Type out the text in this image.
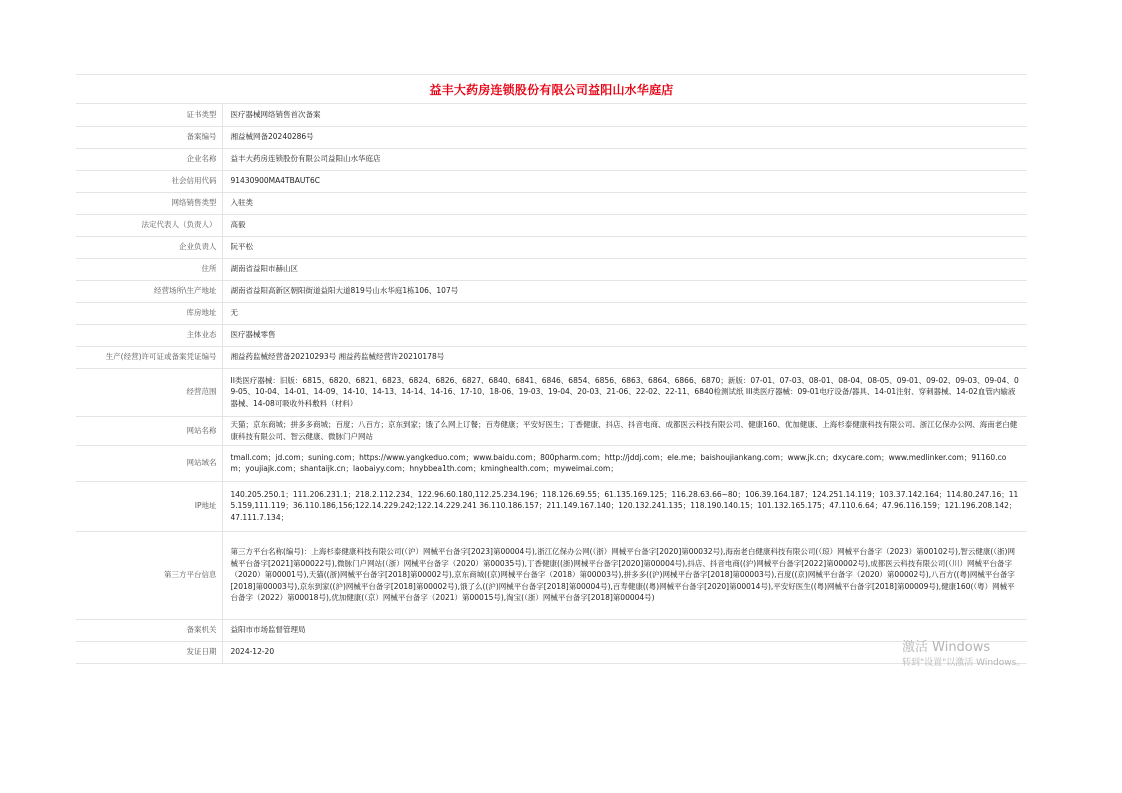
益丰大药房连锁股份有限公司益阳山水华庭店
证书类型	医疗器械网络销售首次备案
备案编号	湘益械网备20240286号
企业名称	益丰大药房连锁股份有限公司益阳山水华庭店
社会信用代码	91430900MA4TBAUT6C
网络销售类型	入驻类
法定代表人（负责人）	高毅
企业负责人	阮平松
住所	湖南省益阳市赫山区
经营场所\生产地址	湖南省益阳高新区朝阳街道益阳大道819号山水华庭1栋106、107号
库房地址	无
主体业态	医疗器械零售
生产(经营)许可证或备案凭证编号	湘益药监械经营备20210293号 湘益药监械经营许20210178号
经营范围	II类医疗器械：旧版：6815、6820、6821、6823、6824、6826、6827、6840、6841、6846、6854、6856、6863、6864、6866、6870；新版：07-01、07-03、08-01、08-04、08-05、09-01、09-02、09-03、09-04、09-05、10-04、14-01、14-09、14-10、14-13、14-14、14-16、17-10、18-06、19-03、19-04、20-03、21-06、22-02、22-11、6840检测试纸 III类医疗器械：09-01电疗设备/器具、14-01注射、穿刺器械、14-02血管内输液器械、14-08可吸收外科敷料（材料）
网站名称	天猫；京东商城；拼多多商城；百度；八百方；京东到家；饿了么网上订餐；百寿健康；平安好医生；丁香健康、抖店、抖音电商、成都医云科技有限公司、健康160、优加健康、上海杉泰健康科技有限公司、浙江亿保办公网、海南老白健康科技有限公司、智云健康、微脉门户网站
网站域名	tmall.com；jd.com；suning.com；https://www.yangkeduo.com；www.baidu.com；800pharm.com；http://jddj.com；ele.me；baishoujiankang.com；www.jk.cn；dxycare.com；www.medlinker.com；91160.com；youjiajk.com；shantaijk.cn；laobaiyy.com；hnybbea1th.com；kminghealth.com；myweimai.com；
IP地址	140.205.250.1；111.206.231.1；218.2.112.234、122.96.60.180,112.25.234.196；118.126.69.55；61.135.169.125；116.28.63.66~80；106.39.164.187；124.251.14.119；103.37.142.164；114.80.247.16；115.159,111.119；36.110.186,156;122.14.229.242;122.14.229.241 36.110.186.157；211.149.167.140；120.132.241.135；118.190.140.15；101.132.165.175；47.110.6.64；47.96.116.159；121.196.208.142；47.111.7.134；
第三方平台信息	第三方平台名称(编号)：上海杉泰健康科技有限公司(（沪）网械平台备字[2023]第00004号),浙江亿保办公网(（浙）网械平台备字[2020]第00032号),海南老白健康科技有限公司(（琼）网械平台备字（2023）第00102号),智云健康(（浙)网械平台备字[2021]第00022号),微脉门户网站(（浙）网械平台备字（2020）第00035号),丁香健康((浙)网械平台备字[2020]第00004号),抖店、抖音电商((沪)网械平台备字[2022]第00002号),成都医云科技有限公司(（川）网械平台备字（2020）第00001号),天猫((浙)网械平台备字[2018]第00002号),京东商城((京)网械平台备字（2018）第00003号),拼多多((沪)网械平台备字[2018]第00003号),百度((京)网械平台备字（2020）第00002号),八百方((粤)网械平台备字[2018]第00003号),京东到家((沪)网械平台备字[2018]第00002号),饿了么((沪)网械平台备字[2018]第00004号),百寿健康((粤)网械平台备字[2020]第00014号),平安好医生((粤)网械平台备字[2018]第00009号),健康160(（粤）网械平台备字（2022）第00018号),优加健康(（京）网械平台备字（2021）第00015号),淘宝(（浙）网械平台备字[2018]第00004号)
备案机关	益阳市市场监督管理局
发证日期	2024-12-20	激活 Windows
转到"设置"以激活 Windows。
